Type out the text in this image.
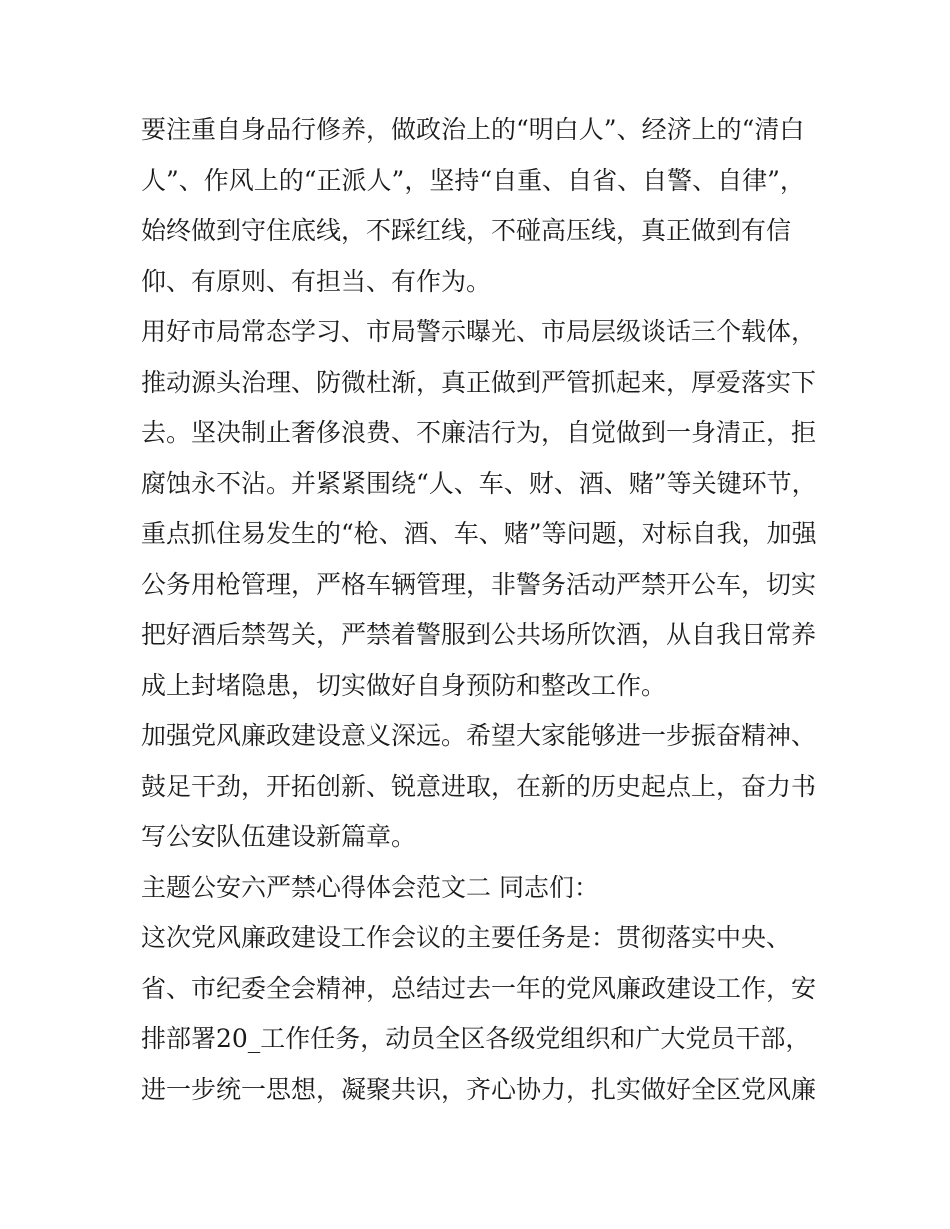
要注重自身品行修养，做政治上的“明白人”、经济上的“清白
人”、作风上的“正派人”，坚持“自重、自省、自警、自律”，
始终做到守住底线，不踩红线，不碰高压线，真正做到有信
仰、有原则、有担当、有作为。
用好市局常态学习、市局警示曝光、市局层级谈话三个载体，
推动源头治理、防微杜渐，真正做到严管抓起来，厚爱落实下
去。坚决制止奢侈浪费、不廉洁行为，自觉做到一身清正，拒
腐蚀永不沾。并紧紧围绕“人、车、财、酒、赌”等关键环节，
重点抓住易发生的“枪、酒、车、赌”等问题，对标自我，加强
公务用枪管理，严格车辆管理，非警务活动严禁开公车，切实
把好酒后禁驾关，严禁着警服到公共场所饮酒，从自我日常养
成上封堵隐患，切实做好自身预防和整改工作。
加强党风廉政建设意义深远。希望大家能够进一步振奋精神、
鼓足干劲，开拓创新、锐意进取，在新的历史起点上，奋力书
写公安队伍建设新篇章。
主题公安六严禁心得体会范文二 同志们：
这次党风廉政建设工作会议的主要任务是：贯彻落实中央、
省、市纪委全会精神，总结过去一年的党风廉政建设工作，安
排部署20_工作任务，动员全区各级党组织和广大党员干部，
进一步统一思想，凝聚共识，齐心协力，扎实做好全区党风廉
